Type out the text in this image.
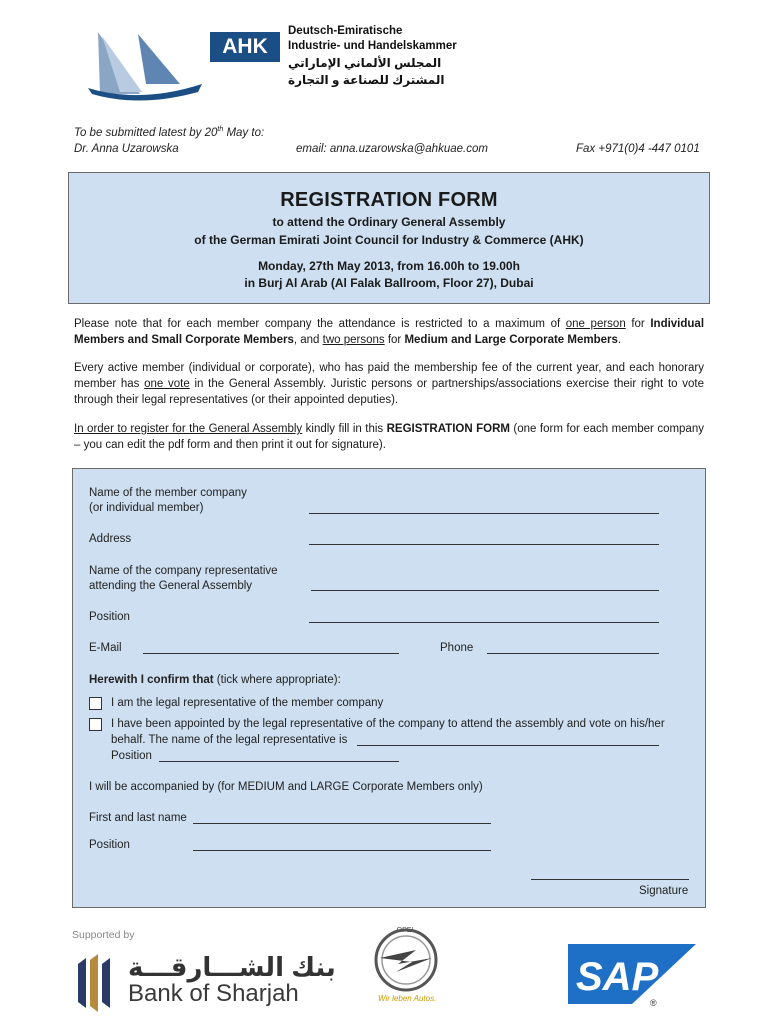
AHK
Deutsch-Emiratische
Industrie- und Handelskammer
المجلس الألماني الإماراتي
المشترك للصناعة و التجارة
To be submitted latest by 20th May to:
Dr. Anna Uzarowska	email: anna.uzarowska@ahkuae.com	Fax +971(0)4 -447 0101
REGISTRATION FORM
to attend the Ordinary General Assembly
of the German Emirati Joint Council for Industry & Commerce (AHK)
Monday, 27th May 2013, from 16.00h to 19.00h
in Burj Al Arab (Al Falak Ballroom, Floor 27), Dubai
Please note that for each member company the attendance is restricted to a maximum of one person for Individual Members and Small Corporate Members, and two persons for Medium and Large Corporate Members.
Every active member (individual or corporate), who has paid the membership fee of the current year, and each honorary member has one vote in the General Assembly. Juristic persons or partnerships/associations exercise their right to vote through their legal representatives (or their appointed deputies).
In order to register for the General Assembly kindly fill in this REGISTRATION FORM (one form for each member company – you can edit the pdf form and then print it out for signature).
Name of the member company
(or individual member)
Address
Name of the company representative
attending the General Assembly
Position
E-Mail	Phone
Herewith I confirm that (tick where appropriate):
I am the legal representative of the member company
I have been appointed by the legal representative of the company to attend the assembly and vote on his/her
behalf. The name of the legal representative is
Position
I will be accompanied by (for MEDIUM and LARGE Corporate Members only)
First and last name
Position
Signature
Supported by
بنك الشـــارقـــة
Bank of Sharjah
OPEL
Wir leben Autos.	SAP
®
